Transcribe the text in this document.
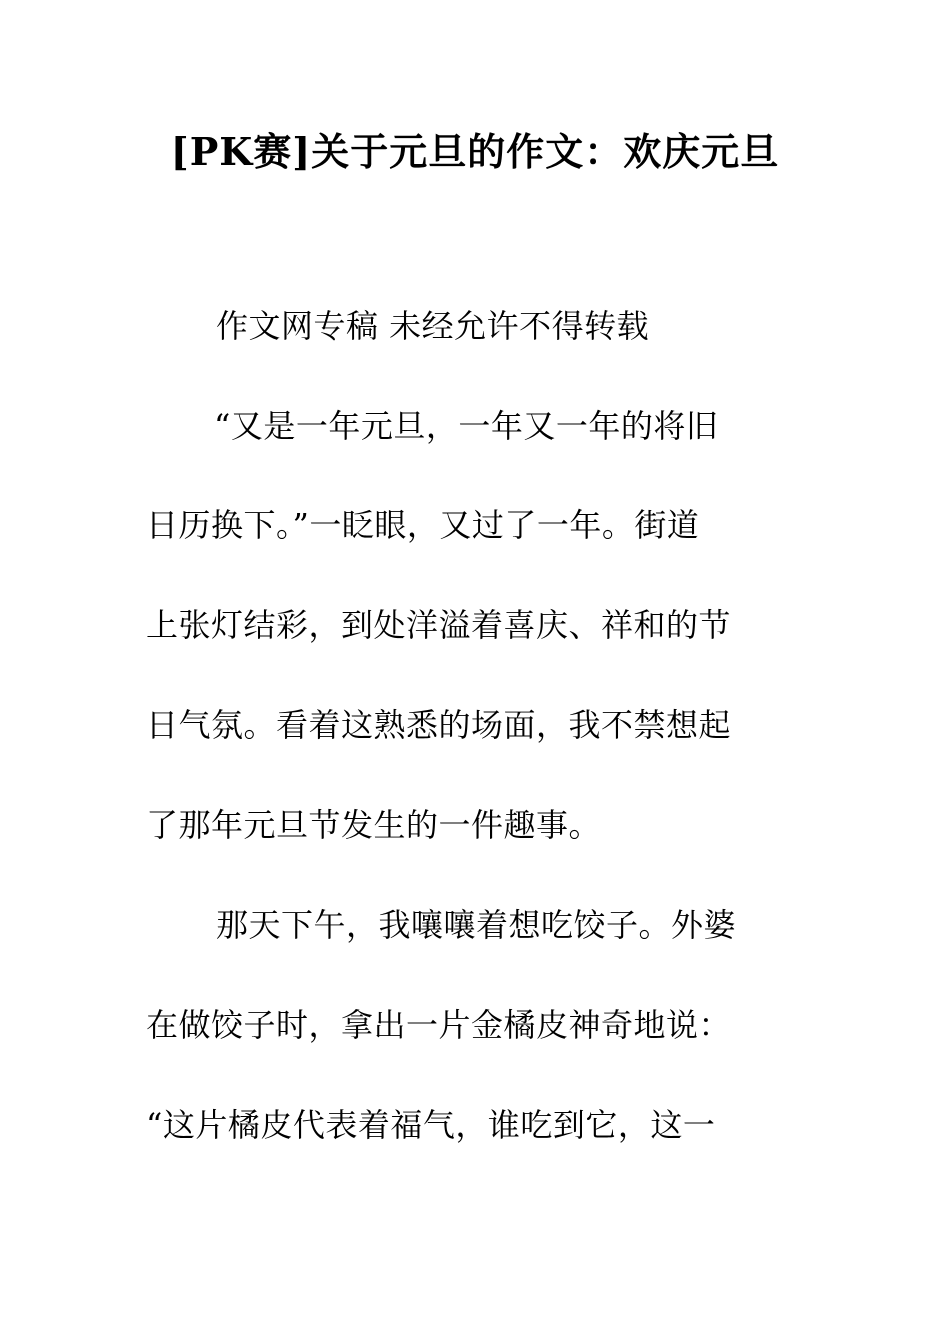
[PK赛]关于元旦的作文：欢庆元旦
作文网专稿 未经允许不得转载
“又是一年元旦，一年又一年的将旧
日历换下。”一眨眼，又过了一年。街道
上张灯结彩，到处洋溢着喜庆、祥和的节
日气氛。看着这熟悉的场面，我不禁想起
了那年元旦节发生的一件趣事。
那天下午，我嚷嚷着想吃饺子。外婆
在做饺子时，拿出一片金橘皮神奇地说：
“这片橘皮代表着福气，谁吃到它，这一
